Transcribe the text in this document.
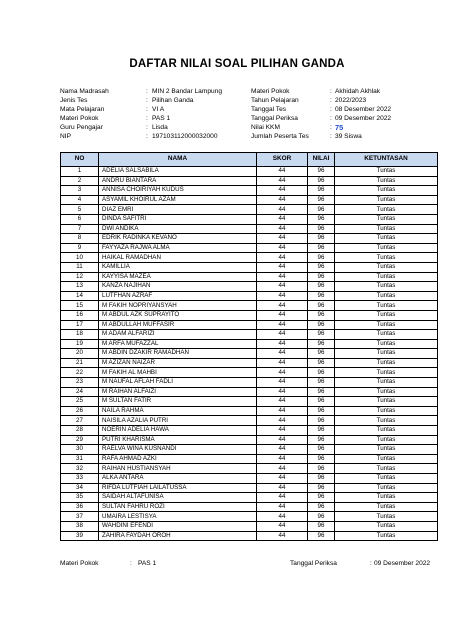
DAFTAR NILAI SOAL PILIHAN GANDA
Nama Madrasah	: MIN 2 Bandar Lampung
Jenis Tes	: Pilihan Ganda
Mata Pelajaran	: VI A
Materi Pokok	: PAS 1
Guru Pengajar	: Lisda
NIP	: 197103112000032000
Materi Pokok	: Akhidah Akhlak
Tahun Pelajaran	: 2022/2023
Tanggal Tes	: 08 Desember 2022
Tanggal Periksa	: 09 Desember 2022
Nilai KKM	: 75
Jumlah Peserta Tes	: 39 Siswa
NO	NAMA	SKOR	NILAI	KETUNTASAN
1	ADELIA SALSABILA	44	96	Tuntas
2	ANDRU BIANTARA	44	96	Tuntas
3	ANNISA CHOIRIYAH KUDUS	44	96	Tuntas
4	ASYAMIL KHOIRUL AZAM	44	96	Tuntas
5	DIAZ EMRI	44	96	Tuntas
6	DINDA SAFITRI	44	96	Tuntas
7	DWI ANDIKA	44	96	Tuntas
8	EDRIK RADINKA KEVANO	44	96	Tuntas
9	FAYYAZA RAJWA ALMA	44	96	Tuntas
10	HAIKAL RAMADHAN	44	96	Tuntas
11	KAMILLIA	44	96	Tuntas
12	KAYYISA MAZEA	44	96	Tuntas
13	KANZA NAJIHAN	44	96	Tuntas
14	LUTFHAN AZRAF	44	96	Tuntas
15	M FAKIH NOPRIYANSYAH	44	96	Tuntas
16	M ABDUL AZK SUPRAYITO	44	96	Tuntas
17	M ABDULLAH MUFFASIR	44	96	Tuntas
18	M ADAM ALFARIZI	44	96	Tuntas
19	M ARFA MUFAZZAL	44	96	Tuntas
20	M ABDIN DZAKIR RAMADHAN	44	96	Tuntas
21	M AZIZAN NAIZAR	44	96	Tuntas
22	M FAKIH AL MAHBI	44	96	Tuntas
23	M NAUFAL AFLAH FADLI	44	96	Tuntas
24	M RAIHAN ALFAIZI	44	96	Tuntas
25	M SULTAN FATIR	44	96	Tuntas
26	NAILA RAHMA	44	96	Tuntas
27	NAISILA AZALIA PUTRI	44	96	Tuntas
28	NOERIN ADELIA HAWA	44	96	Tuntas
29	PUTRI KHARISMA	44	96	Tuntas
30	RAELVA WINA KUSNANDI	44	96	Tuntas
31	RAFA AHMAD AZKI	44	96	Tuntas
32	RAIHAN HUSTIANSYAH	44	96	Tuntas
33	ALKA ANTARA	44	96	Tuntas
34	RIFDA LUTFIAH LAILATUSSA	44	96	Tuntas
35	SAIDAH ALTAFUNISA	44	96	Tuntas
36	SULTAN FAHRU ROZI	44	96	Tuntas
37	UMAIRA LESTISYA	44	96	Tuntas
38	WAHDINI EFENDI	44	96	Tuntas
39	ZAHIRA FAYDAH OROH	44	96	Tuntas
Materi Pokok	: PAS 1	Tanggal Periksa	: 09 Desember 2022
